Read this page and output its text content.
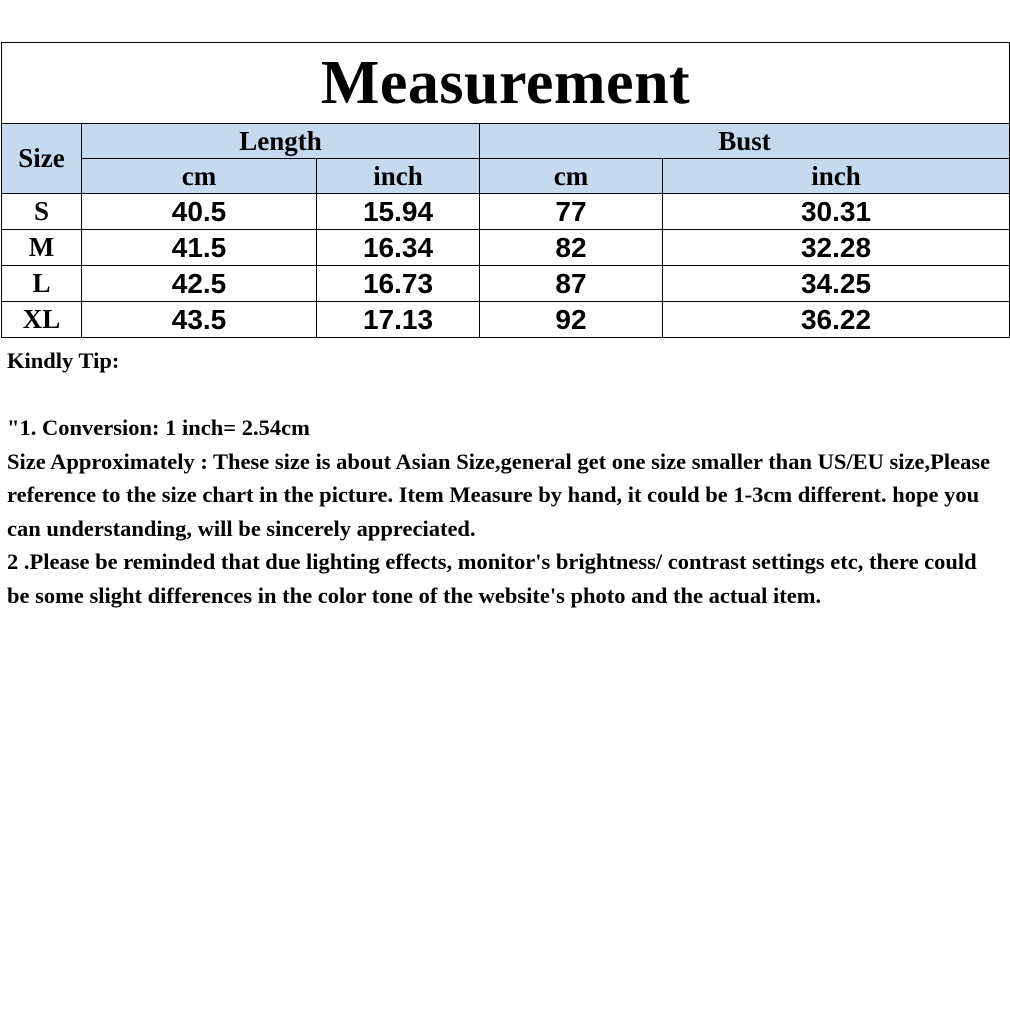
Measurement				
Size	Length		Bust	
	cm	inch	cm	inch
S	40.5	15.94	77	30.31
M	41.5	16.34	82	32.28
L	42.5	16.73	87	34.25
XL	43.5	17.13	92	36.22

Kindly Tip:

"1. Conversion: 1 inch= 2.54cm

Size Approximately : These size is about Asian Size,general get one size smaller than US/EU size,Please reference to the size chart in the picture. Item Measure by hand, it could be 1-3cm different. hope you can understanding, will be sincerely appreciated.

2 .Please be reminded that due lighting effects, monitor's brightness/ contrast settings etc, there could be some slight differences in the color tone of the website's photo and the actual item.
